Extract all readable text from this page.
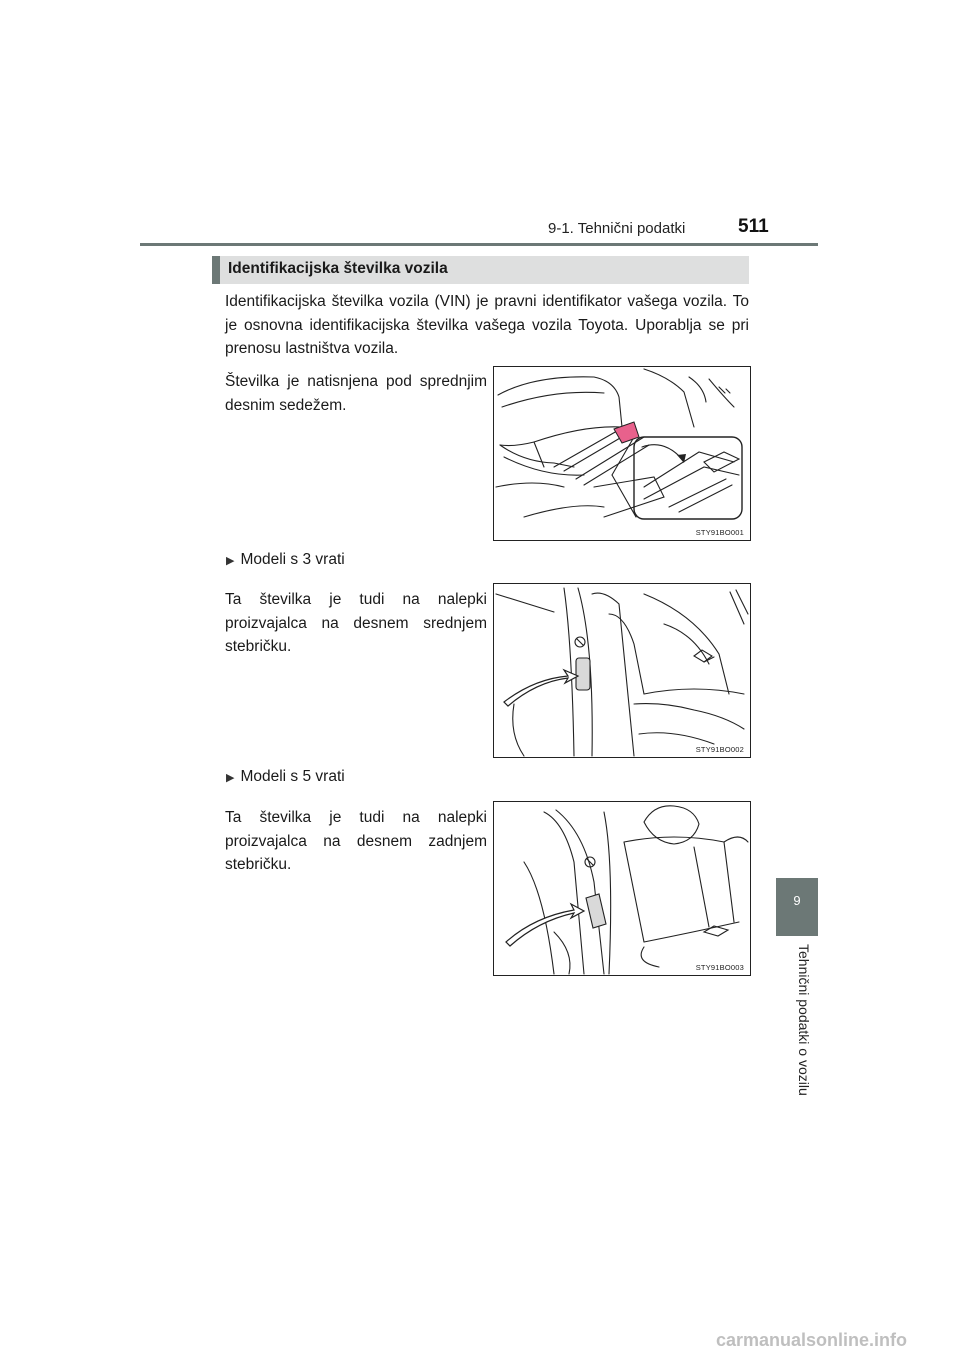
9-1. Tehnični podatki	511
9
Tehnični podatki o vozilu
Identifikacijska številka vozila
Identifikacijska številka vozila (VIN) je pravni identifikator vašega vozila. To je osnovna identifikacijska številka vašega vozila Toyota. Uporablja se pri prenosu lastništva vozila.
Številka je natisnjena pod sprednjim desnim sedežem.
STY91BO001
▶ Modeli s 3 vrati
Ta številka je tudi na nalepki proizvajalca na desnem srednjem stebričku.
STY91BO002
▶ Modeli s 5 vrati
Ta številka je tudi na nalepki proizvajalca na desnem zadnjem stebričku.
STY91BO003
carmanualsonline.info
